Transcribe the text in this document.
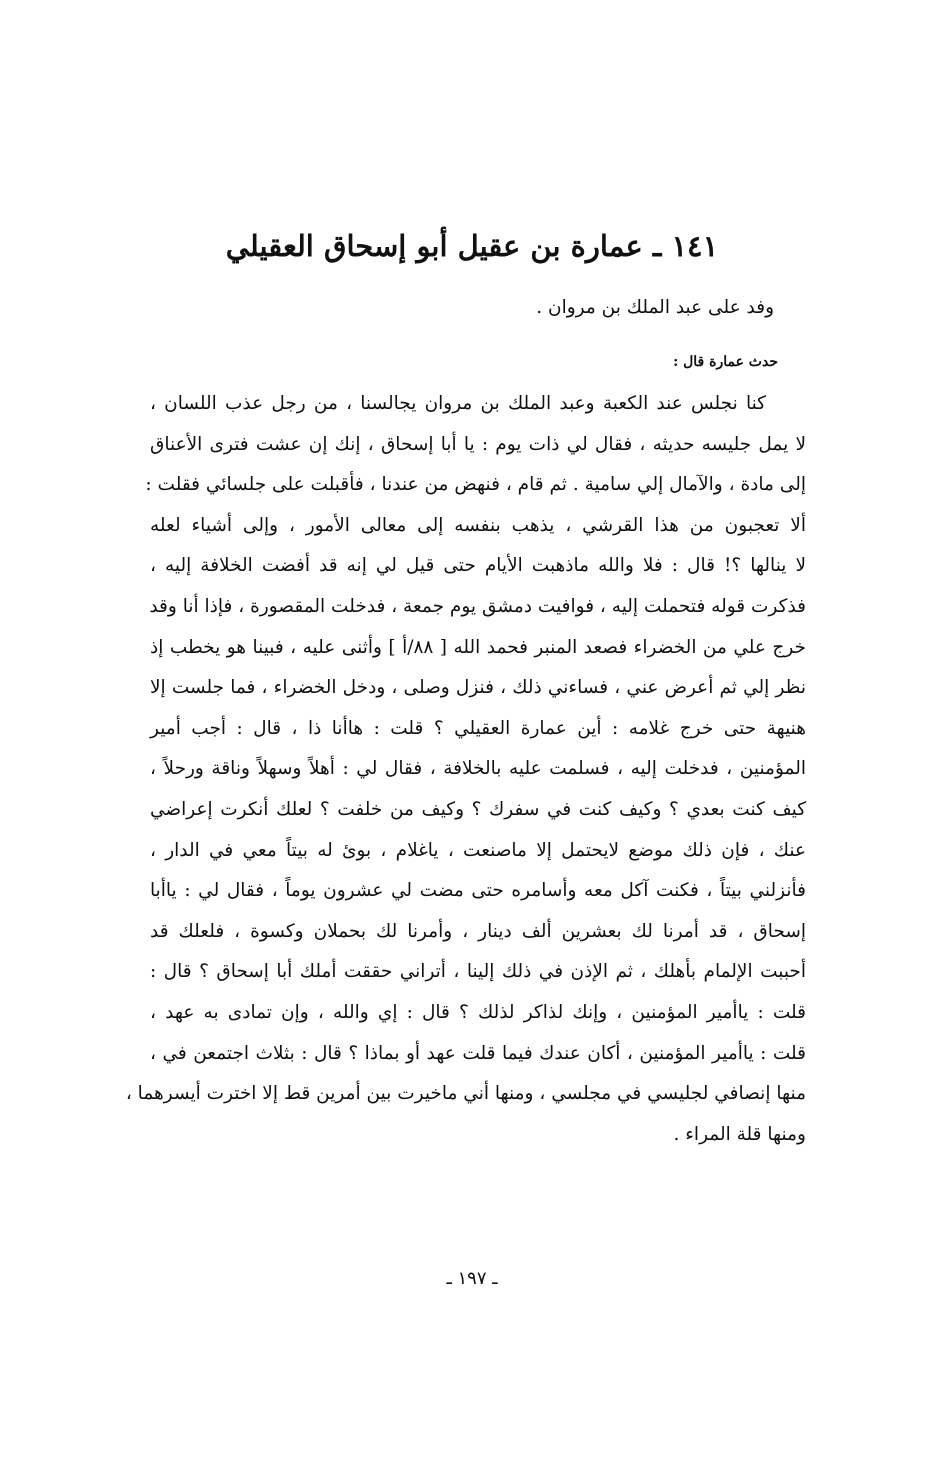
١٤١ ـ عمارة بن عقيل أبو إسحاق العقيلي
وفد على عبد الملك بن مروان .
حدث عمارة قال :
كنا نجلس عند الكعبة وعبد الملك بن مروان يجالسنا ، من رجل عذب اللسان ،
لا يمل جليسه حديثه ، فقال لي ذات يوم : يا أبا إسحاق ، إنك إن عشت فترى الأعناق
إلى مادة ، والآمال إلي سامية . ثم قام ، فنهض من عندنا ، فأقبلت على جلسائي فقلت :
ألا تعجبون من هذا القرشي ، يذهب بنفسه إلى معالى الأمور ، وإلى أشياء لعله
لا ينالها ؟! قال : فلا والله ماذهبت الأيام حتى قيل لي إنه قد أفضت الخلافة إليه ،
فذكرت قوله فتحملت إليه ، فوافيت دمشق يوم جمعة ، فدخلت المقصورة ، فإذا أنا وقد
خرج علي من الخضراء فصعد المنبر فحمد الله [ ٨٨/أ ] وأثنى عليه ، فبينا هو يخطب إذ
نظر إلي ثم أعرض عني ، فساءني ذلك ، فنزل وصلى ، ودخل الخضراء ، فما جلست إلا
هنيهة حتى خرج غلامه : أين عمارة العقيلي ؟ قلت : هاأنا ذا ، قال : أجب أمير
المؤمنين ، فدخلت إليه ، فسلمت عليه بالخلافة ، فقال لي : أهلاً وسهلاً وناقة ورحلاً ،
كيف كنت بعدي ؟ وكيف كنت في سفرك ؟ وكيف من خلفت ؟ لعلك أنكرت إعراضي
عنك ، فإن ذلك موضع لايحتمل إلا ماصنعت ، ياغلام ، بوئ له بيتاً معي في الدار ،
فأنزلني بيتاً ، فكنت آكل معه وأسامره حتى مضت لي عشرون يوماً ، فقال لي : ياأبا
إسحاق ، قد أمرنا لك بعشرين ألف دينار ، وأمرنا لك بحملان وكسوة ، فلعلك قد
أحببت الإلمام بأهلك ، ثم الإذن في ذلك إلينا ، أتراني حققت أملك أبا إسحاق ؟ قال :
قلت : ياأمير المؤمنين ، وإنك لذاكر لذلك ؟ قال : إي والله ، وإن تمادى به عهد ،
قلت : ياأمير المؤمنين ، أكان عندك فيما قلت عهد أو بماذا ؟ قال : بثلاث اجتمعن في ،
منها إنصافي لجليسي في مجلسي ، ومنها أني ماخيرت بين أمرين قط إلا اخترت أيسرهما ،
ومنها قلة المراء .
ـ ١٩٧ ـ
